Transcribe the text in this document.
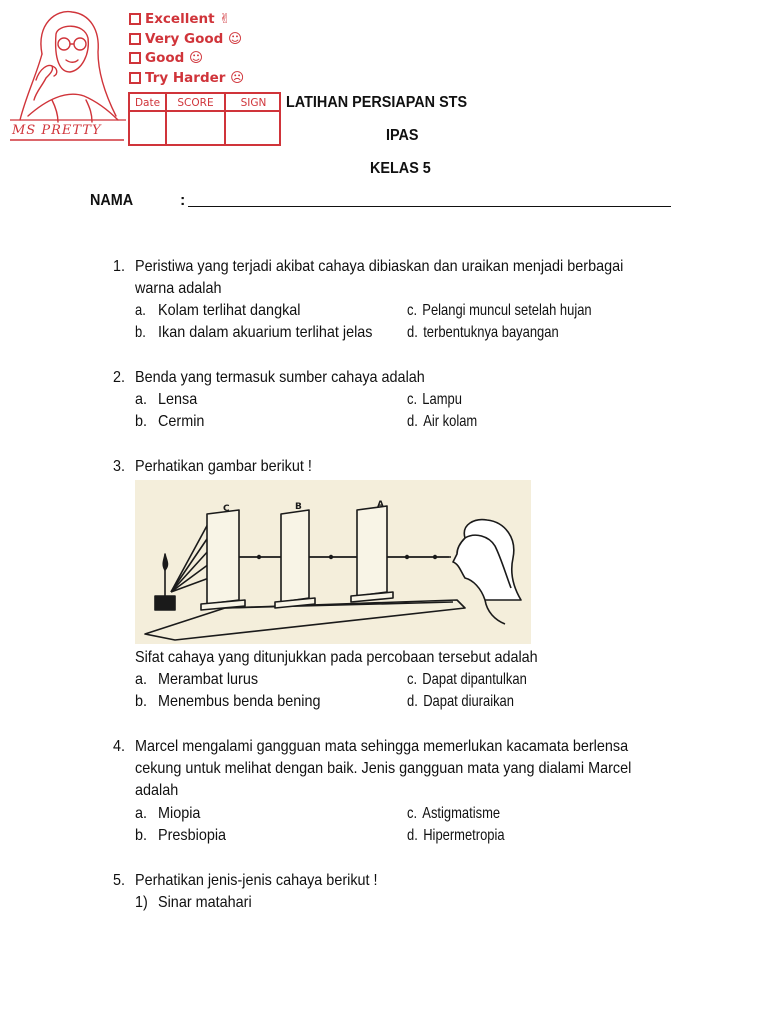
Excellent ✌
Very Good ☺
Good ☺
Try Harder ☹
MS PRETTY
Date	SCORE	SIGN	LATIHAN PERSIAPAN STS
IPAS
KELAS 5
NAMA	:
1. Peristiwa yang terjadi akibat cahaya dibiaskan dan uraikan menjadi berbagai
warna adalah
a. Kolam terlihat dangkal	c. Pelangi muncul setelah hujan
b. Ikan dalam akuarium terlihat jelas	d. terbentuknya bayangan
2. Benda yang termasuk sumber cahaya adalah
a. Lensa	c. Lampu
b. Cermin	d. Air kolam
3. Perhatikan gambar berikut !
C	B	A
Sifat cahaya yang ditunjukkan pada percobaan tersebut adalah
a. Merambat lurus	c. Dapat dipantulkan
b. Menembus benda bening	d. Dapat diuraikan
4. Marcel mengalami gangguan mata sehingga memerlukan kacamata berlensa
cekung untuk melihat dengan baik. Jenis gangguan mata yang dialami Marcel
adalah
a. Miopia	c. Astigmatisme
b. Presbiopia	d. Hipermetropia
5. Perhatikan jenis-jenis cahaya berikut !
1) Sinar matahari
